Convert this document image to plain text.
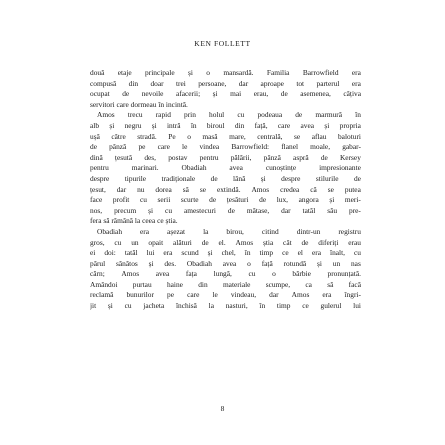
KEN FOLLETT
două etaje principale și o mansardă. Familia Barrowfield era
compusă din doar trei persoane, dar aproape tot parterul era
ocupat de nevoile afacerii; și mai erau, de asemenea, câțiva
servitori care dormeau în incintă.
Amos trecu rapid prin holul cu podeaua de marmură în
alb și negru și intră în biroul din față, care avea și propria
ușă către stradă. Pe o masă mare, centrală, se aflau baloturi
de pânză pe care le vindea Barrowfield: flanel moale, gabar-
dină țesută des, postav pentru pălării, pânză aspră de Kersey
pentru	marinari.	Obadiah	avea	cunoștințe	impresionante
despre tipurile tradiționale de lână și despre stilurile de
țesut, dar nu dorea să se extindă. Amos credea că se putea
face profit cu serii scurte de țesături de lux, angora și meri-
nos, precum și cu amestecuri de mătase, dar tatăl său pre-
fera să rămână la ceea ce știa.
Obadiah era așezat la birou, citind dintr-un registru
gros, cu un opait alături de el. Amos știa cât de diferiți erau
ei doi: tatăl lui era scund și chel, în timp ce el era înalt, cu
părul sănătos și des. Obadiah avea o față rotundă și un nas
cărn; Amos avea fața lungă, cu o bărbie pronunțată.
Amândoi purtau haine din materiale scumpe, ca să facă
reclamă bunurilor pe care le vindeau, dar Amos era îngri-
jit și cu jacheta închisă la nasturi, în timp ce gulerul lui
8
